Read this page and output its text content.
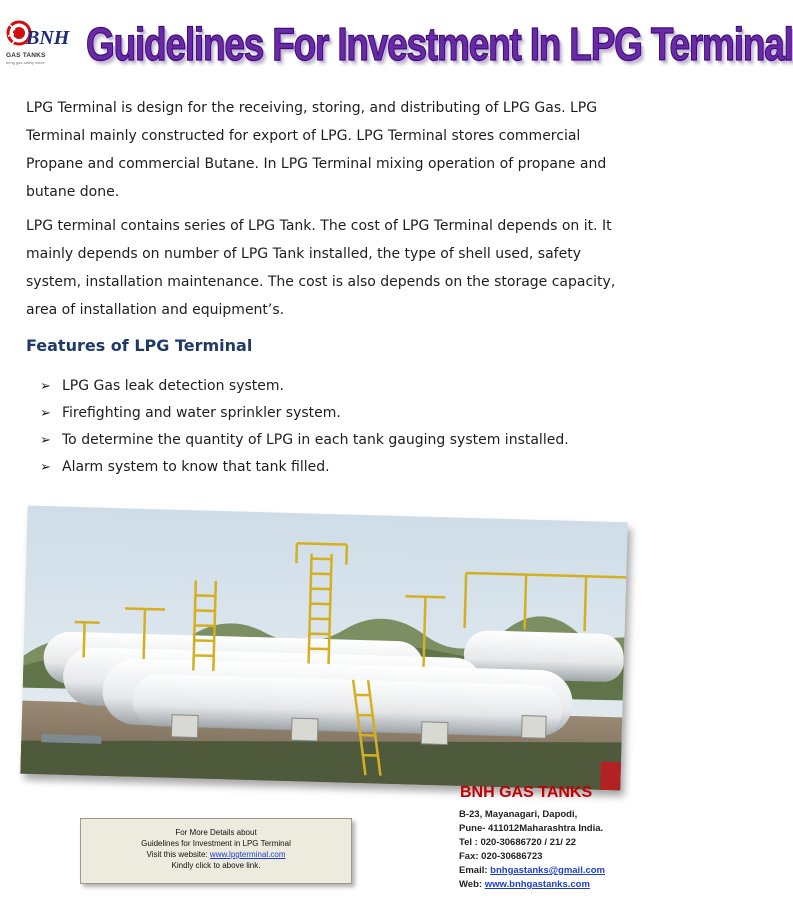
BNH
GAS TANKS
bring gas safely since Guidelines For Investment In LPG Terminal

LPG Terminal is design for the receiving, storing, and distributing of LPG Gas. LPG Terminal mainly constructed for export of LPG. LPG Terminal stores commercial Propane and commercial Butane. In LPG Terminal mixing operation of propane and butane done.

LPG terminal contains series of LPG Tank. The cost of LPG Terminal depends on it. It mainly depends on number of LPG Tank installed, the type of shell used, safety system, installation maintenance. The cost is also depends on the storage capacity, area of installation and equipment’s.

Features of LPG Terminal
➢ LPG Gas leak detection system.
➢ Firefighting and water sprinkler system.
➢ To determine the quantity of LPG in each tank gauging system installed.
➢ Alarm system to know that tank filled.
For More Details about
Guidelines for Investment in LPG Terminal
Visit this website: www.lpgterminal.com
Kindly click to above link.
BNH GAS TANKS
B-23, Mayanagari, Dapodi,
Pune- 411012Maharashtra India.
Tel : 020-30686720 / 21/ 22
Fax: 020-30686723
Email: bnhgastanks@gmail.com
Web: www.bnhgastanks.com
